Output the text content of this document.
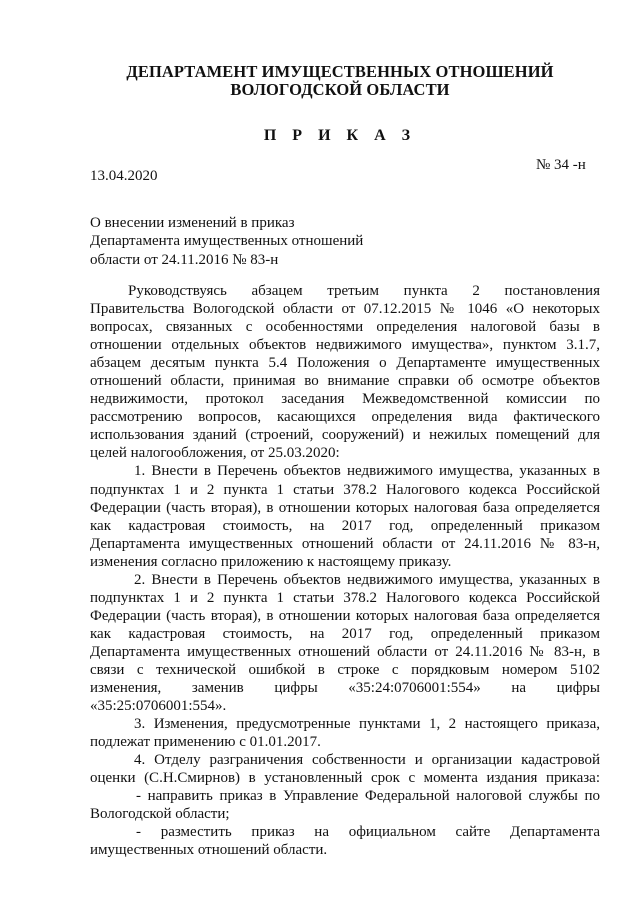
ДЕПАРТАМЕНТ ИМУЩЕСТВЕННЫХ ОТНОШЕНИЙ
ВОЛОГОДСКОЙ ОБЛАСТИ
П Р И К А З
13.04.2020
№ 34 -н
О внесении изменений в приказ
Департамента имущественных отношений
области от 24.11.2016 № 83-н
Руководствуясь абзацем третьим пункта 2 постановления
Правительства Вологодской области от 07.12.2015 № 1046 «О некоторых
вопросах, связанных с особенностями определения налоговой базы в
отношении отдельных объектов недвижимого имущества», пунктом 3.1.7,
абзацем десятым пункта 5.4 Положения о Департаменте имущественных
отношений области, принимая во внимание справки об осмотре объектов
недвижимости, протокол заседания Межведомственной комиссии по
рассмотрению вопросов, касающихся определения вида фактического
использования зданий (строений, сооружений) и нежилых помещений для
целей налогообложения, от 25.03.2020:
1. Внести в Перечень объектов недвижимого имущества, указанных в
подпунктах 1 и 2 пункта 1 статьи 378.2 Налогового кодекса Российской
Федерации (часть вторая), в отношении которых налоговая база определяется
как кадастровая стоимость, на 2017 год, определенный приказом
Департамента имущественных отношений области от 24.11.2016 № 83-н,
изменения согласно приложению к настоящему приказу.
2. Внести в Перечень объектов недвижимого имущества, указанных в
подпунктах 1 и 2 пункта 1 статьи 378.2 Налогового кодекса Российской
Федерации (часть вторая), в отношении которых налоговая база определяется
как кадастровая стоимость, на 2017 год, определенный приказом
Департамента имущественных отношений области от 24.11.2016 № 83-н, в
связи с технической ошибкой в строке с порядковым номером 5102
изменения, заменив цифры «35:24:0706001:554» на цифры
«35:25:0706001:554».
3. Изменения, предусмотренные пунктами 1, 2 настоящего приказа,
подлежат применению с 01.01.2017.
4. Отделу разграничения собственности и организации кадастровой
оценки (С.Н.Смирнов) в установленный срок с момента издания приказа:
- направить приказ в Управление Федеральной налоговой службы по
Вологодской области;
- разместить приказ на официальном сайте Департамента
имущественных отношений области.
